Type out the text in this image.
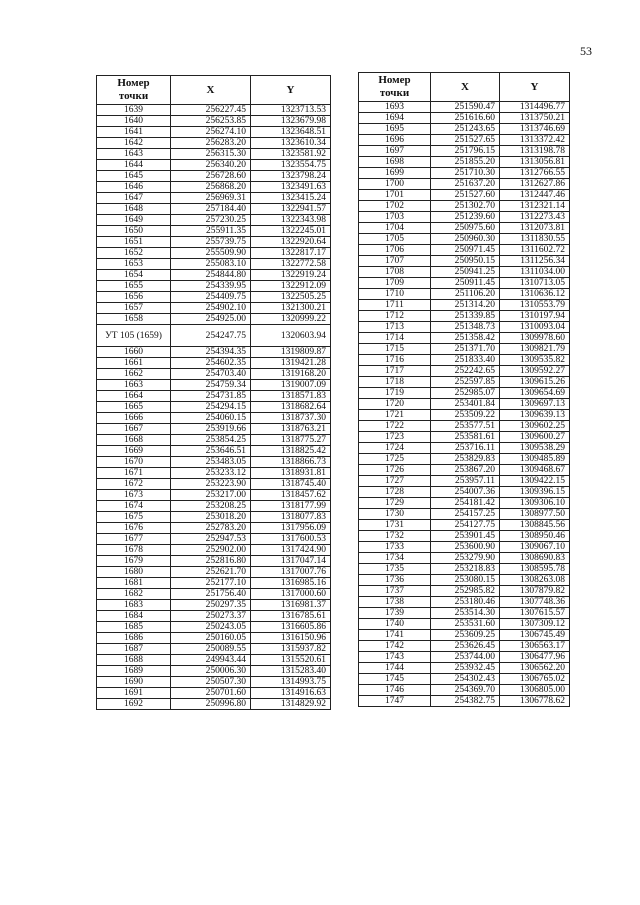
53
Номер
точки	X	Y
1639	256227.45	1323713.53
1640	256253.85	1323679.98
1641	256274.10	1323648.51
1642	256283.20	1323610.34
1643	256315.30	1323581.92
1644	256340.20	1323554.75
1645	256728.60	1323798.24
1646	256868.20	1323491.63
1647	256969.31	1323415.24
1648	257184.40	1322941.57
1649	257230.25	1322343.98
1650	255911.35	1322245.01
1651	255739.75	1322920.64
1652	255509.90	1322817.17
1653	255083.10	1322772.58
1654	254844.80	1322919.24
1655	254339.95	1322912.09
1656	254409.75	1322505.25
1657	254902.10	1321300.21
1658	254925.00	1320999.22
УТ 105 (1659)	254247.75	1320603.94
1660	254394.35	1319809.87
1661	254602.35	1319421.28
1662	254703.40	1319168.20
1663	254759.34	1319007.09
1664	254731.85	1318571.83
1665	254294.15	1318682.64
1666	254060.15	1318737.30
1667	253919.66	1318763.21
1668	253854.25	1318775.27
1669	253646.51	1318825.42
1670	253483.05	1318866.73
1671	253233.12	1318931.81
1672	253223.90	1318745.40
1673	253217.00	1318457.62
1674	253208.25	1318177.99
1675	253018.20	1318077.83
1676	252783.20	1317956.09
1677	252947.53	1317600.53
1678	252902.00	1317424.90
1679	252816.80	1317047.14
1680	252621.70	1317007.76
1681	252177.10	1316985.16
1682	251756.40	1317000.60
1683	250297.35	1316981.37
1684	250273.37	1316785.61
1685	250243.05	1316605.86
1686	250160.05	1316150.96
1687	250089.55	1315937.82
1688	249943.44	1315520.61
1689	250006.30	1315283.40
1690	250507.30	1314993.75
1691	250701.60	1314916.63
1692	250996.80	1314829.92
Номер
точки	X	Y
1693	251590.47	1314496.77
1694	251616.60	1313750.21
1695	251243.65	1313746.69
1696	251527.65	1313372.42
1697	251796.15	1313198.78
1698	251855.20	1313056.81
1699	251710.30	1312766.55
1700	251637.20	1312627.86
1701	251527.60	1312447.46
1702	251302.70	1312321.14
1703	251239.60	1312273.43
1704	250975.60	1312073.81
1705	250960.30	1311830.55
1706	250971.45	1311602.72
1707	250950.15	1311256.34
1708	250941.25	1311034.00
1709	250911.45	1310713.05
1710	251106.20	1310636.12
1711	251314.20	1310553.79
1712	251339.85	1310197.94
1713	251348.73	1310093.04
1714	251358.42	1309978.60
1715	251371.70	1309821.79
1716	251833.40	1309535.82
1717	252242.65	1309592.27
1718	252597.85	1309615.26
1719	252985.07	1309654.69
1720	253401.84	1309697.13
1721	253509.22	1309639.13
1722	253577.51	1309602.25
1723	253581.61	1309600.27
1724	253716.11	1309538.29
1725	253829.83	1309485.89
1726	253867.20	1309468.67
1727	253957.11	1309422.15
1728	254007.36	1309396.15
1729	254181.42	1309306.10
1730	254157.25	1308977.50
1731	254127.75	1308845.56
1732	253901.45	1308950.46
1733	253600.90	1309067.10
1734	253279.90	1308690.83
1735	253218.83	1308595.78
1736	253080.15	1308263.08
1737	252985.82	1307879.82
1738	253180.46	1307748.36
1739	253514.30	1307615.57
1740	253531.60	1307309.12
1741	253609.25	1306745.49
1742	253626.45	1306563.17
1743	253744.00	1306477.96
1744	253932.45	1306562.20
1745	254302.43	1306765.02
1746	254369.70	1306805.00
1747	254382.75	1306778.62
